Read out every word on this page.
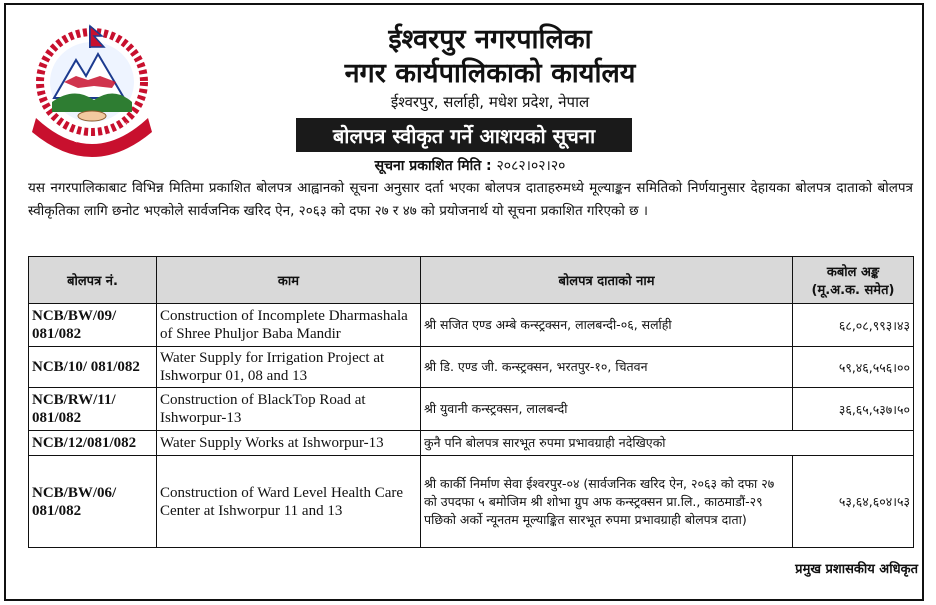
जननी जन्मभूमिश्च स्वर्गादपि गरीयसी
ईश्वरपुर नगरपालिका
नगर कार्यपालिकाको कार्यालय
ईश्वरपुर, सर्लाही, मधेश प्रदेश, नेपाल
बोलपत्र स्वीकृत गर्ने आशयको सूचना
सूचना प्रकाशित मिति : २०८२।०२।२०
यस नगरपालिकाबाट विभिन्न मितिमा प्रकाशित बोलपत्र आह्वानको सूचना अनुसार दर्ता भएका बोलपत्र दाताहरुमध्ये मूल्याङ्कन समितिको निर्णयानुसार देहायका बोलपत्र दाताको बोलपत्र स्वीकृतिका लागि छनोट भएकोले सार्वजनिक खरिद ऐन, २०६३ को दफा २७ र ४७ को प्रयोजनार्थ यो सूचना प्रकाशित गरिएको छ ।
बोलपत्र नं.	काम	बोलपत्र दाताको नाम	कबोल अङ्क
(मू.अ.क. समेत)

NCB/BW/09/ 081/082	Construction of Incomplete Dharmashala of Shree Phuljor Baba Mandir	श्री सजित एण्ड अम्बे कन्स्ट्रक्सन, लालबन्दी-०६, सर्लाही	६८,०८,९९३।४३
NCB/10/ 081/082	Water Supply for Irrigation Project at Ishworpur 01, 08 and 13	श्री डि. एण्ड जी. कन्स्ट्रक्सन, भरतपुर-१०, चितवन	५९,४६,५५६।००
NCB/RW/11/ 081/082	Construction of BlackTop Road at Ishworpur-13	श्री युवानी कन्स्ट्रक्सन, लालबन्दी	३६,६५,५३७।५०
NCB/12/081/082	Water Supply Works at Ishworpur-13	कुनै पनि बोलपत्र सारभूत रुपमा प्रभावग्राही नदेखिएको	
NCB/BW/06/ 081/082	Construction of Ward Level Health Care Center at Ishworpur 11 and 13	श्री कार्की निर्माण सेवा ईश्वरपुर-०४ (सार्वजनिक खरिद ऐन, २०६३ को दफा २७ को उपदफा ५ बमोजिम श्री शोभा ग्रुप अफ कन्स्ट्रक्सन प्रा.लि., काठमाडौं-२९ पछिको अर्को न्यूनतम मूल्याङ्कित सारभूत रुपमा प्रभावग्राही बोलपत्र दाता)	५३,६४,६०४।५३
प्रमुख प्रशासकीय अधिकृत
